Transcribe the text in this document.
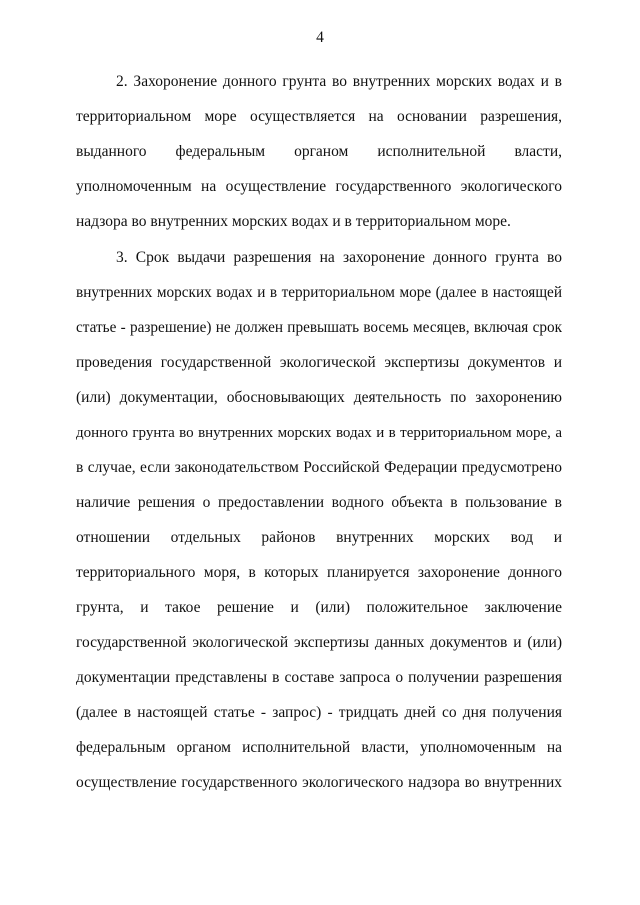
4

2. Захоронение донного грунта во внутренних морских водах и в
территориальном море осуществляется на основании разрешения,
выданного федеральным органом исполнительной власти,
уполномоченным на осуществление государственного экологического
надзора во внутренних морских водах и в территориальном море.
3. Срок выдачи разрешения на захоронение донного грунта во
внутренних морских водах и в территориальном море (далее в настоящей
статье - разрешение) не должен превышать восемь месяцев, включая срок
проведения государственной экологической экспертизы документов и
(или) документации, обосновывающих деятельность по захоронению
донного грунта во внутренних морских водах и в территориальном море, а
в случае, если законодательством Российской Федерации предусмотрено
наличие решения о предоставлении водного объекта в пользование в
отношении отдельных районов внутренних морских вод и
территориального моря, в которых планируется захоронение донного
грунта, и такое решение и (или) положительное заключение
государственной экологической экспертизы данных документов и (или)
документации представлены в составе запроса о получении разрешения
(далее в настоящей статье - запрос) - тридцать дней со дня получения
федеральным органом исполнительной власти, уполномоченным на
осуществление государственного экологического надзора во внутренних
